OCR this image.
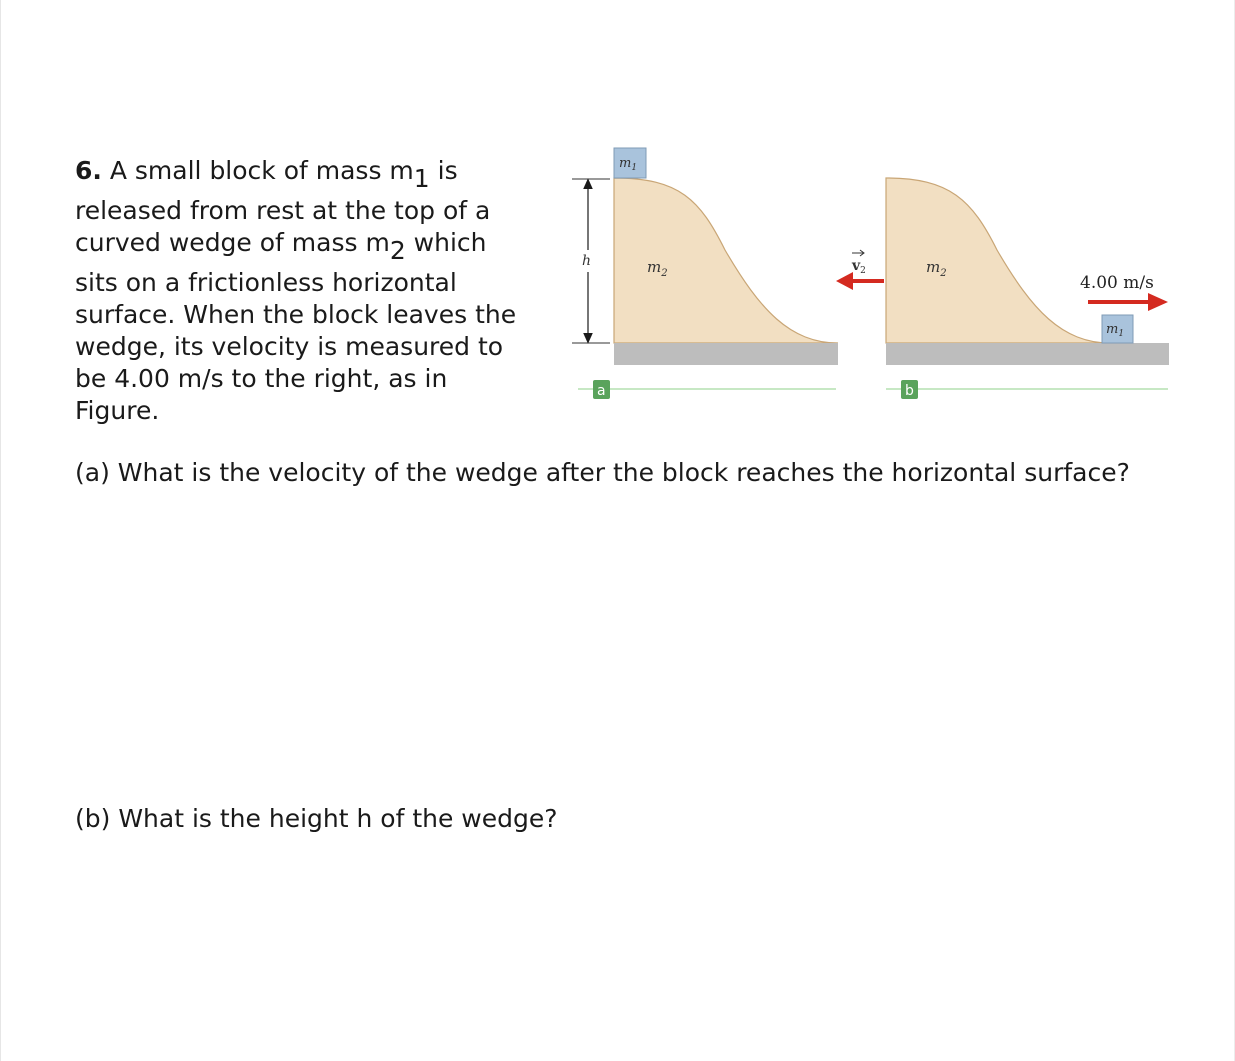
6. A small block of mass m1 is
released from rest at the top of a
curved wedge of mass m2 which
sits on a frictionless horizontal
surface. When the block leaves the
wedge, its velocity is measured to
be 4.00 m/s to the right, as in
Figure.
$m_1$
$m_2$
h
a
$m_2$
$v_2$
4.00 m/s
$m_1$
b
(a) What is the velocity of the wedge after the block reaches the horizontal surface?
(b) What is the height h of the wedge?
